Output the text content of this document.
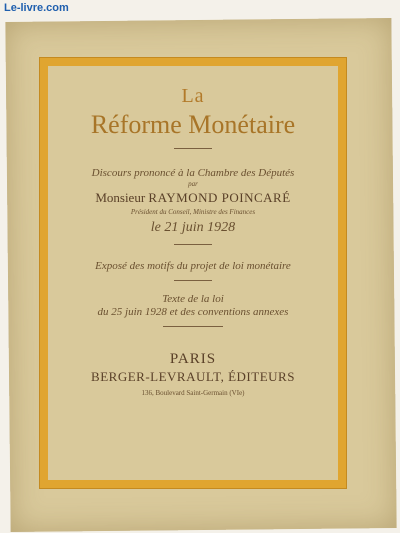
Le-livre.com
La
Réforme Monétaire
Discours prononcé à la Chambre des Députés
par
Monsieur RAYMOND POINCARÉ
Président du Conseil, Ministre des Finances
le 21 juin 1928
Exposé des motifs du projet de loi monétaire
Texte de la loi
du 25 juin 1928 et des conventions annexes
PARIS
BERGER-LEVRAULT, ÉDITEURS
136, Boulevard Saint-Germain (VIe)
